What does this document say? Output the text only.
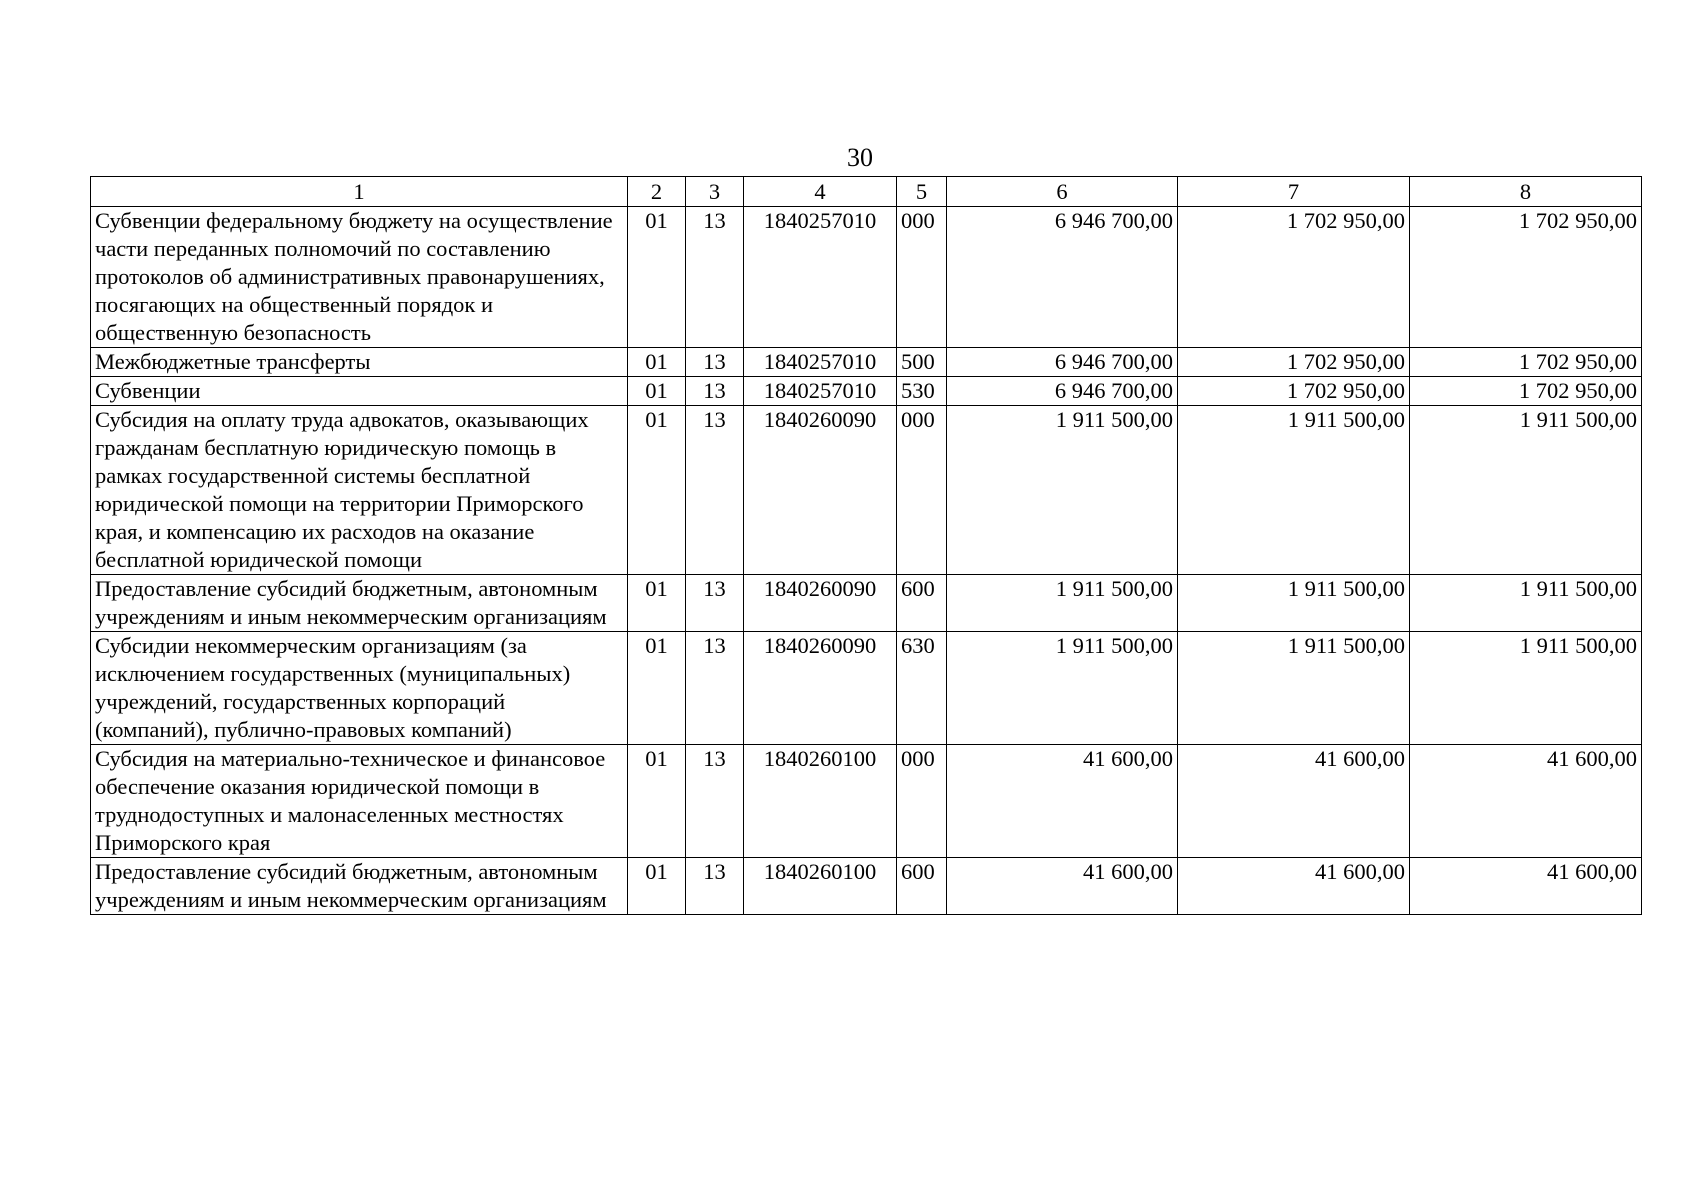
30
1	2	3	4	5	6	7	8
Субвенции федеральному бюджету на осуществление части переданных полномочий по составлению протоколов об административных правонарушениях, посягающих на общественный порядок и общественную безопасность	01	13	1840257010	000	6 946 700,00	1 702 950,00	1 702 950,00
Межбюджетные трансферты	01	13	1840257010	500	6 946 700,00	1 702 950,00	1 702 950,00
Субвенции	01	13	1840257010	530	6 946 700,00	1 702 950,00	1 702 950,00
Субсидия на оплату труда адвокатов, оказывающих гражданам бесплатную юридическую помощь в рамках государственной системы бесплатной юридической помощи на территории Приморского края, и компенсацию их расходов на оказание бесплатной юридической помощи	01	13	1840260090	000	1 911 500,00	1 911 500,00	1 911 500,00
Предоставление субсидий бюджетным, автономным учреждениям и иным некоммерческим организациям	01	13	1840260090	600	1 911 500,00	1 911 500,00	1 911 500,00
Субсидии некоммерческим организациям (за исключением государственных (муниципальных) учреждений, государственных корпораций (компаний), публично-правовых компаний)	01	13	1840260090	630	1 911 500,00	1 911 500,00	1 911 500,00
Субсидия на материально-техническое и финансовое обеспечение оказания юридической помощи в труднодоступных и малонаселенных местностях Приморского края	01	13	1840260100	000	41 600,00	41 600,00	41 600,00
Предоставление субсидий бюджетным, автономным учреждениям и иным некоммерческим организациям	01	13	1840260100	600	41 600,00	41 600,00	41 600,00
